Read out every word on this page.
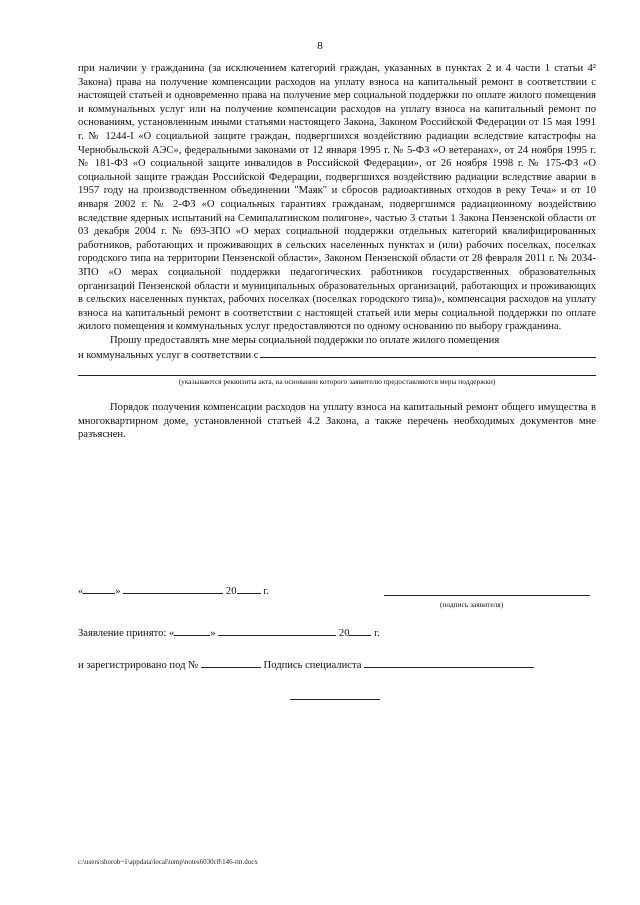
8

при наличии у гражданина (за исключением категорий граждан, указанных в пунктах 2 и 4 части 1 статьи 4² Закона) права на получение компенсации расходов на уплату взноса на капитальный ремонт в соответствии с настоящей статьей и одновременно права на получение мер социальной поддержки по оплате жилого помещения и коммунальных услуг или на получение компенсации расходов на уплату взноса на капитальный ремонт по основаниям, установленным иными статьями настоящего Закона, Законом Российской Федерации от 15 мая 1991 г. № 1244-I «О социальной защите граждан, подвергшихся воздействию радиации вследствие катастрофы на Чернобыльской АЭС», федеральными законами от 12 января 1995 г. № 5-ФЗ «О ветеранах», от 24 ноября 1995 г. № 181-ФЗ «О социальной защите инвалидов в Российской Федерации», от 26 ноября 1998 г. № 175-ФЗ «О социальной защите граждан Российской Федерации, подвергшихся воздействию радиации вследствие аварии в 1957 году на производственном объединении "Маяк" и сбросов радиоактивных отходов в реку Теча» и от 10 января 2002 г. № 2-ФЗ «О социальных гарантиях гражданам, подвергшимся радиационному воздействию вследствие ядерных испытаний на Семипалатинском полигоне», частью 3 статьи 1 Закона Пензенской области от 03 декабря 2004 г. № 693-ЗПО «О мерах социальной поддержки отдельных категорий квалифицированных работников, работающих и проживающих в сельских населенных пунктах и (или) рабочих поселках, поселках городского типа на территории Пензенской области», Законом Пензенской области от 28 февраля 2011 г. № 2034-ЗПО «О мерах социальной поддержки педагогических работников государственных образовательных организаций Пензенской области и муниципальных образовательных организаций, работающих и проживающих в сельских населенных пунктах, рабочих поселках (поселках городского типа)», компенсация расходов на уплату взноса на капитальный ремонт в соответствии с настоящей статьей или меры социальной поддержки по оплате жилого помещения и коммунальных услуг предоставляются по одному основанию по выбору гражданина.

Прошу предоставлять мне меры социальной поддержки по оплате жилого помещения

и коммунальных услуг в соответствии с

(указываются реквизиты акта, на основании которого заявителю предоставляются меры поддержки)

Порядок получения компенсации расходов на уплату взноса на капитальный ремонт общего имущества в многоквартирном доме, установленной статьей 4.2 Закона, а также перечень необходимых документов мне разъяснен.

«	»	20	г.
(подпись заявителя)
Заявление принято: «	»	20 г.
и зарегистрировано под №	Подпись специалиста
c:\users\shorob~1\appdata\local\temp\notes6030c8\146-пп.docx
